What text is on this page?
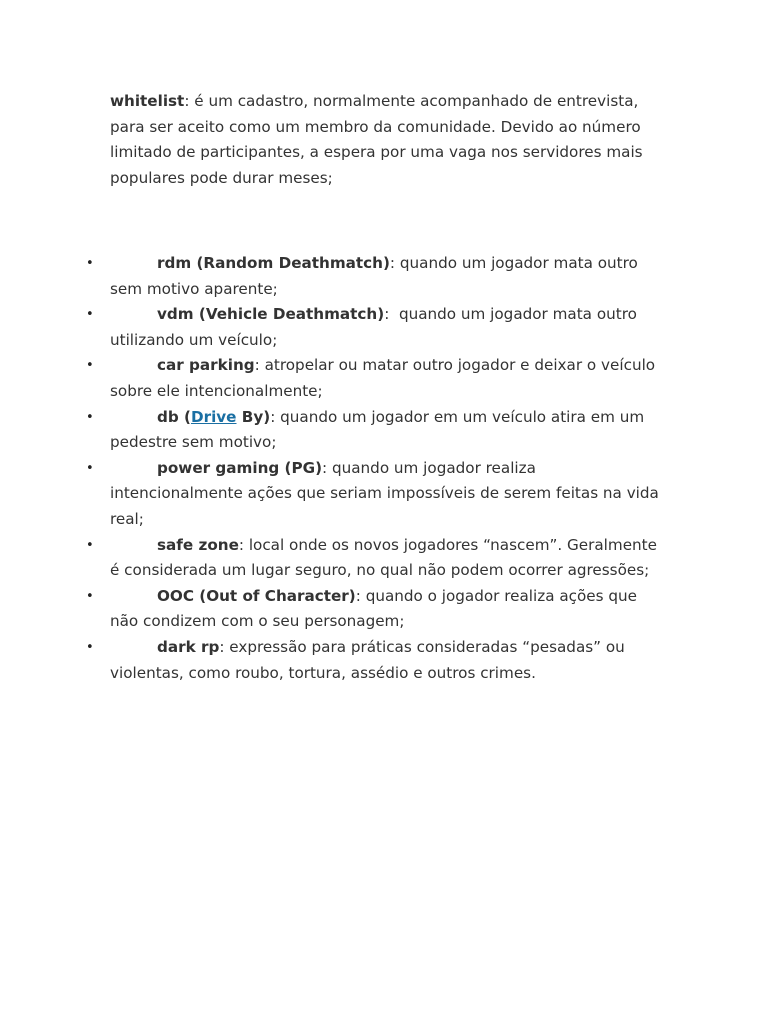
whitelist: é um cadastro, normalmente acompanhado de entrevista, para ser aceito como um membro da comunidade. Devido ao número limitado de participantes, a espera por uma vaga nos servidores mais populares pode durar meses;

•	rdm (Random Deathmatch): quando um jogador mata outro sem motivo aparente;
•	vdm (Vehicle Deathmatch):  quando um jogador mata outro utilizando um veículo;
•	car parking: atropelar ou matar outro jogador e deixar o veículo sobre ele intencionalmente;
•	db (Drive By): quando um jogador em um veículo atira em um pedestre sem motivo;
•	power gaming (PG): quando um jogador realiza intencionalmente ações que seriam impossíveis de serem feitas na vida real;
•	safe zone: local onde os novos jogadores “nascem”. Geralmente é considerada um lugar seguro, no qual não podem ocorrer agressões;
•	OOC (Out of Character): quando o jogador realiza ações que não condizem com o seu personagem;
•	dark rp: expressão para práticas consideradas “pesadas” ou violentas, como roubo, tortura, assédio e outros crimes.
